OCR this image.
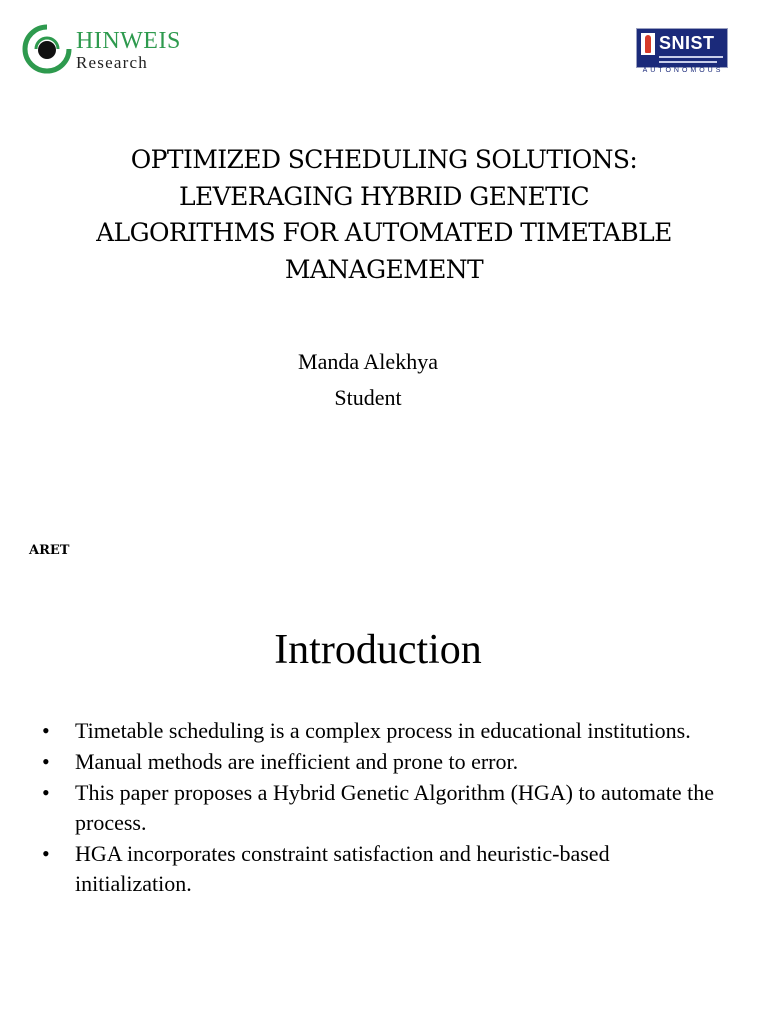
HINWEIS
Research
SNIST
AUTONOMOUS
OPTIMIZED SCHEDULING SOLUTIONS:
LEVERAGING HYBRID GENETIC
ALGORITHMS FOR AUTOMATED TIMETABLE
MANAGEMENT
Manda Alekhya
Student
ARET
Introduction
• Timetable scheduling is a complex process in educational institutions.
• Manual methods are inefficient and prone to error.
• This paper proposes a Hybrid Genetic Algorithm (HGA) to automate the process.
• HGA incorporates constraint satisfaction and heuristic-based initialization.
